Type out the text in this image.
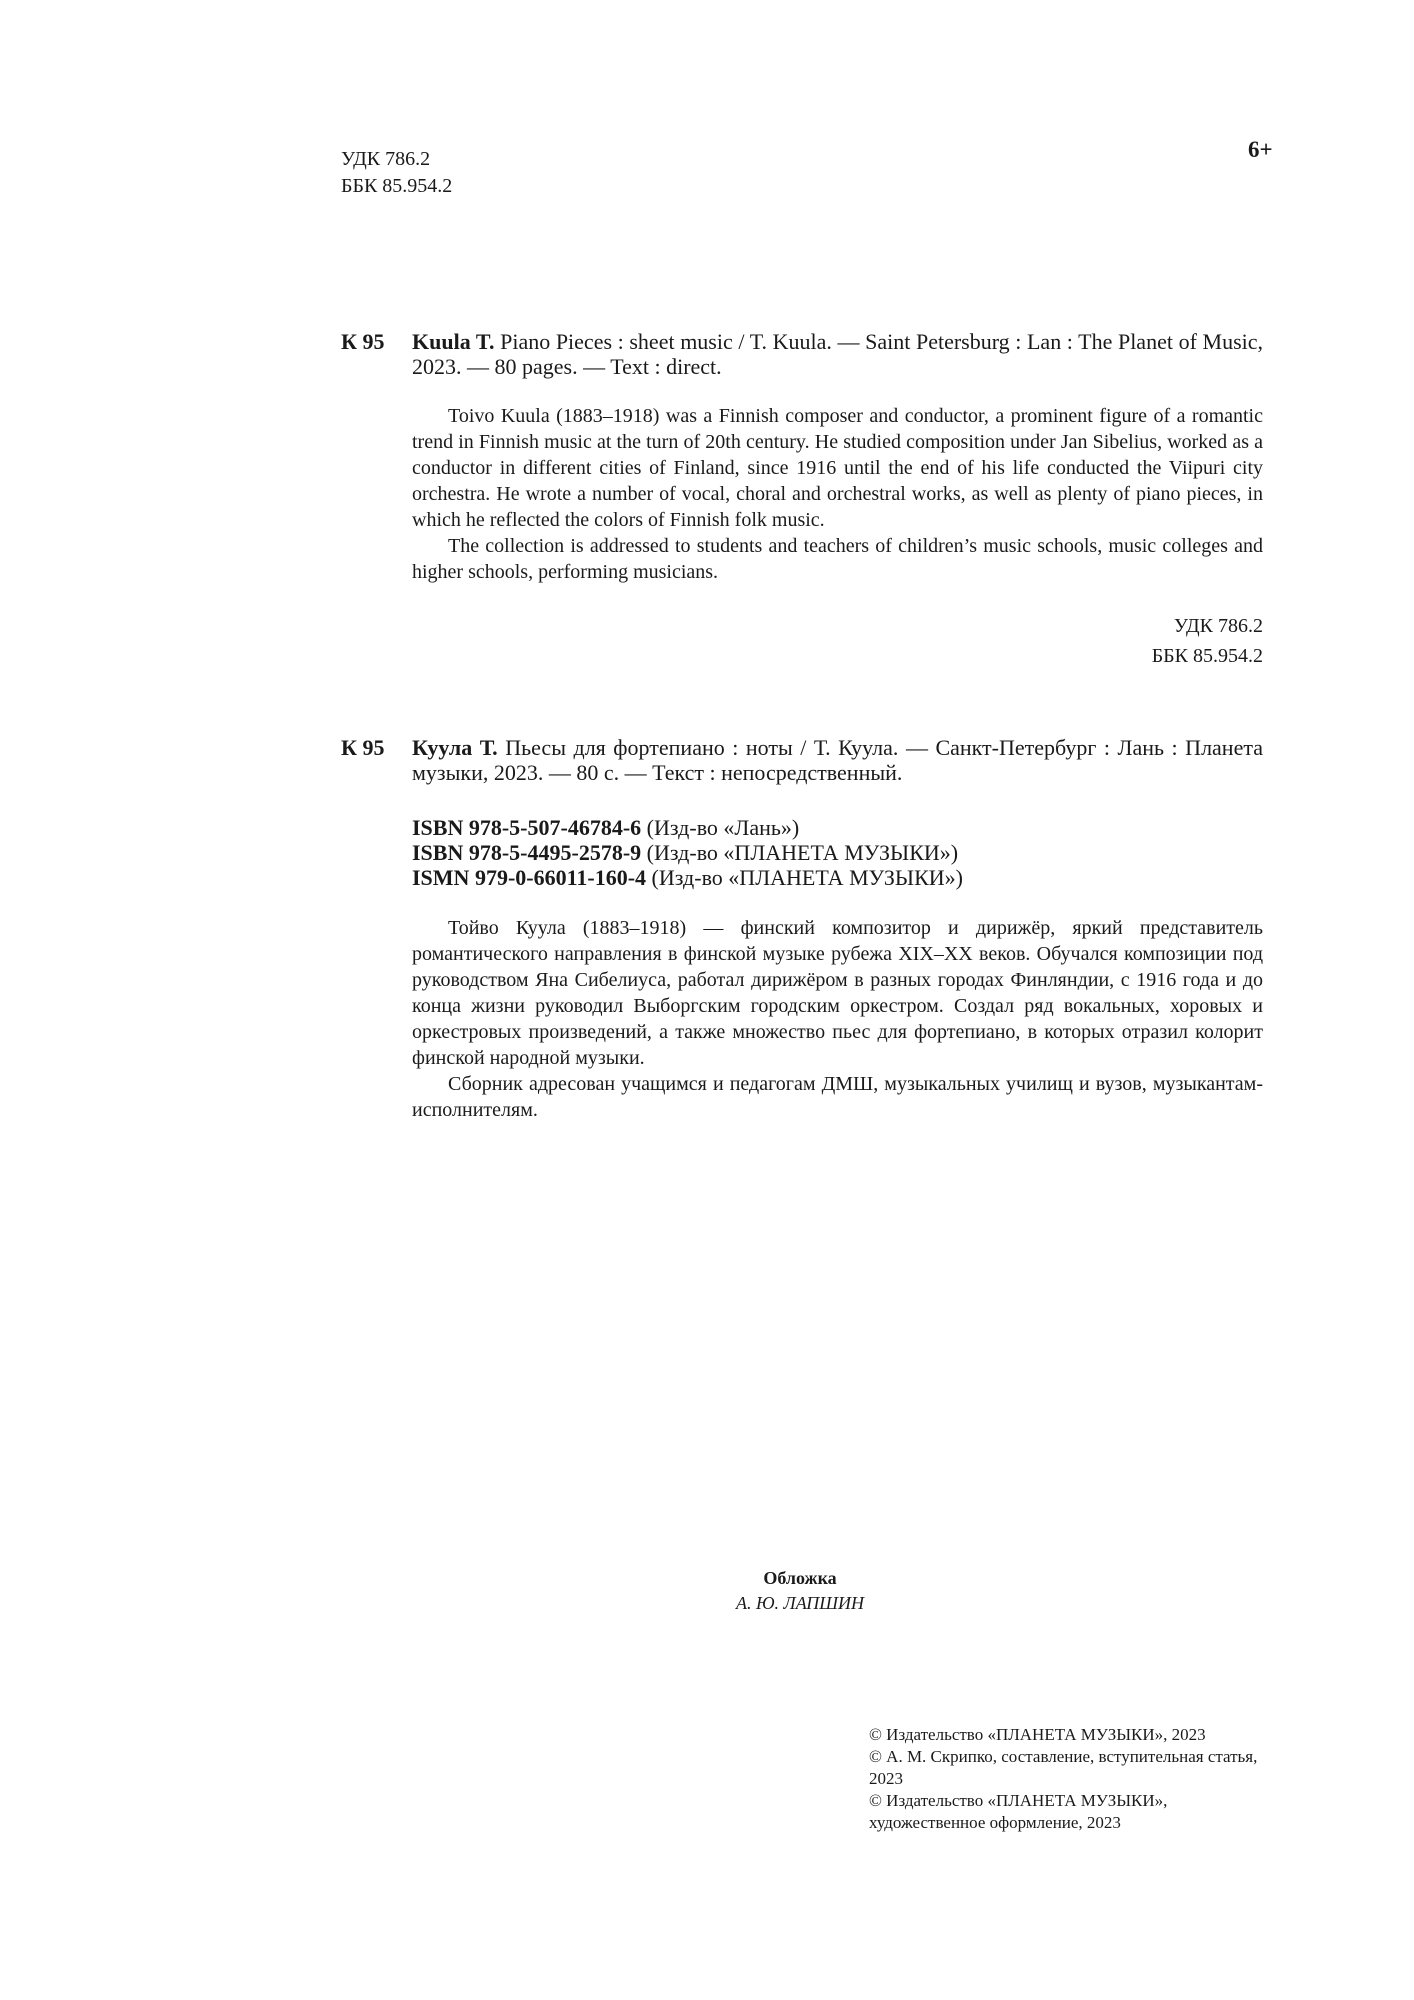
УДК 786.2
ББК 85.954.2
6+
К 95 Kuula T. Piano Pieces : sheet music / T. Kuula. — Saint Petersburg : Lan : The Planet of Music, 2023. — 80 pages. — Text : direct.

Toivo Kuula (1883–1918) was a Finnish composer and conductor, a prominent figure of a romantic trend in Finnish music at the turn of 20th century. He studied composition under Jan Sibelius, worked as a conductor in different cities of Finland, since 1916 until the end of his life conducted the Viipuri city orchestra. He wrote a number of vocal, choral and orchestral works, as well as plenty of piano pieces, in which he reflected the colors of Finnish folk music.

The collection is addressed to students and teachers of children’s music schools, music colleges and higher schools, performing musicians.

УДК 786.2
ББК 85.954.2
К 95 Куула Т. Пьесы для фортепиано : ноты / Т. Куула. — Санкт-Петербург : Лань : Планета музыки, 2023. — 80 с. — Текст : непосредственный.
ISBN 978-5-507-46784-6 (Изд-во «Лань»)
ISBN 978-5-4495-2578-9 (Изд-во «ПЛАНЕТА МУЗЫКИ»)
ISMN 979-0-66011-160-4 (Изд-во «ПЛАНЕТА МУЗЫКИ»)

Тойво Куула (1883–1918) — финский композитор и дирижёр, яркий представитель романтического направления в финской музыке рубежа XIX–XX веков. Обучался композиции под руководством Яна Сибелиуса, работал дирижёром в разных городах Финляндии, с 1916 года и до конца жизни руководил Выборгским городским оркестром. Создал ряд вокальных, хоровых и оркестровых произведений, а также множество пьес для фортепиано, в которых отразил колорит финской народной музыки.

Сборник адресован учащимся и педагогам ДМШ, музыкальных училищ и вузов, музыкантам-исполнителям.

Обложка
А. Ю. ЛАПШИН
© Издательство «ПЛАНЕТА МУЗЫКИ», 2023
© А. М. Скрипко, составление, вступительная статья, 2023
© Издательство «ПЛАНЕТА МУЗЫКИ», художественное оформление, 2023
